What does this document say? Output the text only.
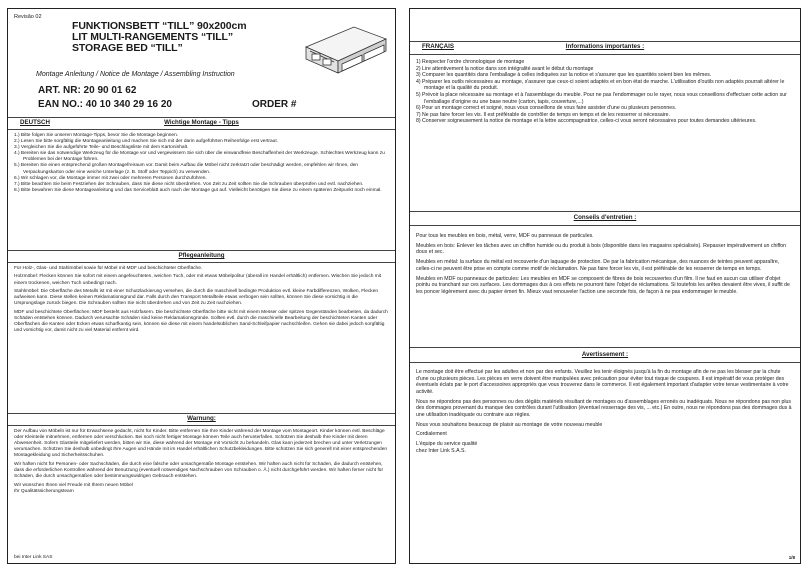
Revisão 02
FUNKTIONSBETT “TILL” 90x200cm
LIT MULTI-RANGEMENTS “TILL”
STORAGE BED “TILL”
Montage Anleitung / Notice de Montage / Assembling Instruction
ART. NR: 20 90 01 62
EAN NO.: 40 10 340 29 16 20	ORDER #
DEUTSCH	Wichtige Montage - Tipps
1.) Bitte folgen Sie unseren Montage-Tipps, bevor Sie die Montage beginnen.
2.) Lesen Sie bitte sorgfältig die Montageanleitung und machen Sie sich mit der darin aufgeführten Reihenfolge erst vertraut.
3.) Vergleichen Sie die aufgeführte Teile- und Beschlagsliste mit dem Kartoninhalt.
4.) Bereiten sie das notwendige Werkzeug für die Montage vor und vergewissern Sie sich über die einwandfreie Beschaffenheit der Werkzeuge. Schlechtes Werkzeug kann zu Problemen bei der Montage führen.
5.) Bereiten Sie einen entsprechend großen Montagefreiraum vor. Damit beim Aufbau die Möbel nicht zerkratzt oder beschädigt werden, empfehlen wir Ihnen, den Verpackungskarton oder eine weiche Unterlage (z. B. Stoff oder Teppich) zu verwenden.
6.) Wir schlagen vor, die Montage immer mit zwei oder mehreren Personen durchzuführen.
7.) Bitte beachten Sie beim Festziehen der Schrauben, dass Sie diese nicht überdrehen. Von Zeit zu Zeit sollten Sie die Schrauben überprüfen und evtl. nachziehen.
8.) Bitte bewahren Sie diese Montageanleitung und das Serviceblatt auch nach der Montage gut auf. Vielleicht benötigen Sie diese zu einem späteren Zeitpunkt noch einmal.
Pflegeanleitung

Für Holz-, Glas- und Stahlmöbel sowie für Möbel mit MDF und beschichteter Oberfläche.

Holzmöbel: Flecken können Sie sofort mit einem angefeuchteten, weichen Tuch, oder mit etwas Möbelpolitur (überall im Handel erhältlich) entfernen. Wischen Sie jedoch mit einem trockenen, weichen Tuch unbedingt nach.

Stahlmöbel: Die Oberfläche des Metalls ist mit einer Schutzlackierung versehen, die durch die maschinell bedingte Produktion evtl. kleine Farbdifferenzen, Wolken, Flecken aufweisen kann. Diese stellen keinen Reklamationsgrund dar. Falls durch den Transport Metallteile etwas verbogen sein sollten, können Sie diese vorsichtig in die Ursprungslage zurück biegen. Die Schrauben sollten Sie nicht überdrehen und von Zeit zu Zeit nachziehen.

MDF und beschichtete Oberflächen: MDF besteht aus Holzfasern. Die beschichtete Oberfläche bitte nicht mit einem Messer oder spitzen Gegenständen bearbeiten, da dadurch Schäden entstehen können. Dadurch verursachte Schäden sind keine Reklamationsgründe. Sollten evtl. durch die maschinelle Bearbeitung der beschichteten Kanten oder Oberflächen die Kanten oder Ecken etwas scharfkantig sein, können sie diese mit einem handelsüblichen Sand-Schleifpapier nachschleifen. Gehen sie dabei jedoch sorgfältig und vorsichtig vor, damit nicht zu viel Material entfernt wird.

Warnung:

Der Aufbau von Möbeln ist nur für Erwachsene gedacht, nicht für Kinder. Bitte entfernen Sie Ihre Kinder während der Montage vom Montageort. Kinder können evtl. Beschläge oder Kleinteile mitnehmen, entfernen oder verschlucken. Bei noch nicht fertiger Montage können Teile auch herunterfallen. Schützen Sie deshalb Ihre Kinder mit deren Abwesenheit. Sofern Glasteile mitgeliefert werden, bitten wir Sie, diese während der Montage mit Vorsicht zu behandeln. Glas kann jederzeit brechen und unter Verletzungen verursachen. Schützen Sie deshalb unbedingt Ihre Augen und Hände mit im Handel erhältlichen Schutzbekleidungen. Bitte schützen Sie sich generell mit einer entsprechenden Montagekleidung und Sicherheitsschuhen.

Wir haften nicht für Personen- oder Sachschäden, die durch eine falsche oder unsachgemäße Montage entstehen. Wir haften auch nicht für Schäden, die dadurch entstehen, dass die erforderlichen Kontrollen während der Benutzung (eventuell notwendiges Nachschrauben von Schrauben o. Ä.) nicht durchgeführt werden. Wir haften ferner nicht für Schäden, die durch unsachgemäßen oder bestimmungswidrigen Gebrauch entstehen.

Wir wünschen Ihnen viel Freude mit Ihrem neuen Möbel
Ihr Qualitätssicherungsteam

bei Inter Link SAS
FRANÇAIS	Informations importantes :
1) Respecter l'ordre chronologique de montage
2) Lire attentivement la notice dans son intégralité avant le début du montage
3) Comparer les quantités dans l'emballage à celles indiquées sur la notice et s'assurer que les quantités soient bien les mêmes.
4) Préparer les outils nécessaires au montage, s'assurer que ceux-ci soient adaptés et en bon état de marche. L'utilisation d'outils non adaptés pourrait altérer le montage et la qualité du produit.
5) Prévoir la place nécessaire au montage et à l'assemblage du meuble. Pour ne pas l'endommager ou le rayer, nous vous conseillons d'effectuer cette action sur l'emballage d'origine ou une base neutre (carton, tapis, couverture,...)
6) Pour un montage correct et soigné, nous vous conseillons de vous faire assister d'une ou plusieurs personnes.
7) Ne pas faire forcer les vis. Il est préférable de contrôler de temps en temps et de les resserrer si nécessaire.
8) Conserver soigneusement la notice de montage et la lettre accompagnatrice, celles-ci vous seront nécessaires pour toutes demandes ultérieures.
Conseils d'entretien :

Pour tous les meubles en bois, métal, verre, MDF ou panneaux de particules.

Meubles en bois: Enlever les tâches avec un chiffon humide ou du produit à bois (disponible dans les magasins spécialisés). Repasser impérativement un chiffon doux et sec.

Meubles en métal: la surface du métal est recouverte d'un laquage de protection. De par la fabrication mécanique, des nuances de teintes peuvent apparaître, celles-ci ne peuvent être prise en compte comme motif de réclamation. Ne pas faire forcer les vis, il est préférable de les resserrer de temps en temps.

Meubles en MDF ou panneaux de particules: Les meubles en MDF se composent de fibres de bois recouvertes d'un film. Il ne faut en aucun cas utiliser d'objet pointu ou tranchant sur ces surfaces. Les dommages dus à ces effets ne pourront faire l'objet de réclamations. Si toutefois les arêtes devaient être vives, il suffit de les poncer légèrement avec du papier émeri fin. Mieux vaut renouveler l'action une seconde fois, de façon à ne pas endommager le meuble.

Avertissement :

Le montage doit être effectué par les adultes et non par des enfants. Veuillez les tenir éloignés jusqu'à la fin du montage afin de ne pas les blesser par la chute d'une ou plusieurs pièces. Les pièces en verre doivent être manipulées avec précaution pour éviter tout risque de coupures. Il est impératif de vous protéger des éventuels éclats par le port d'accessoires appropriés que vous trouverez dans le commerce. Il est également important d'adapter votre tenue vestimentaire à votre activité.

Nous ne répondons pas des personnes ou des dégâts matériels résultant de montages ou d'assemblages erronés ou inadéquats. Nous ne répondons pas non plus des dommages provenant du manque des contrôles durant l'utilisation (éventuel resserrage des vis, ... etc.) En outre, nous ne répondons pas des dommages dus à une utilisation inadéquate ou contraire aux règles.

Nous vous souhaitons beaucoup de plaisir au montage de votre nouveau meuble

Cordialement

L'équipe du service qualité
chez Inter Link S.A.S.

1/8
